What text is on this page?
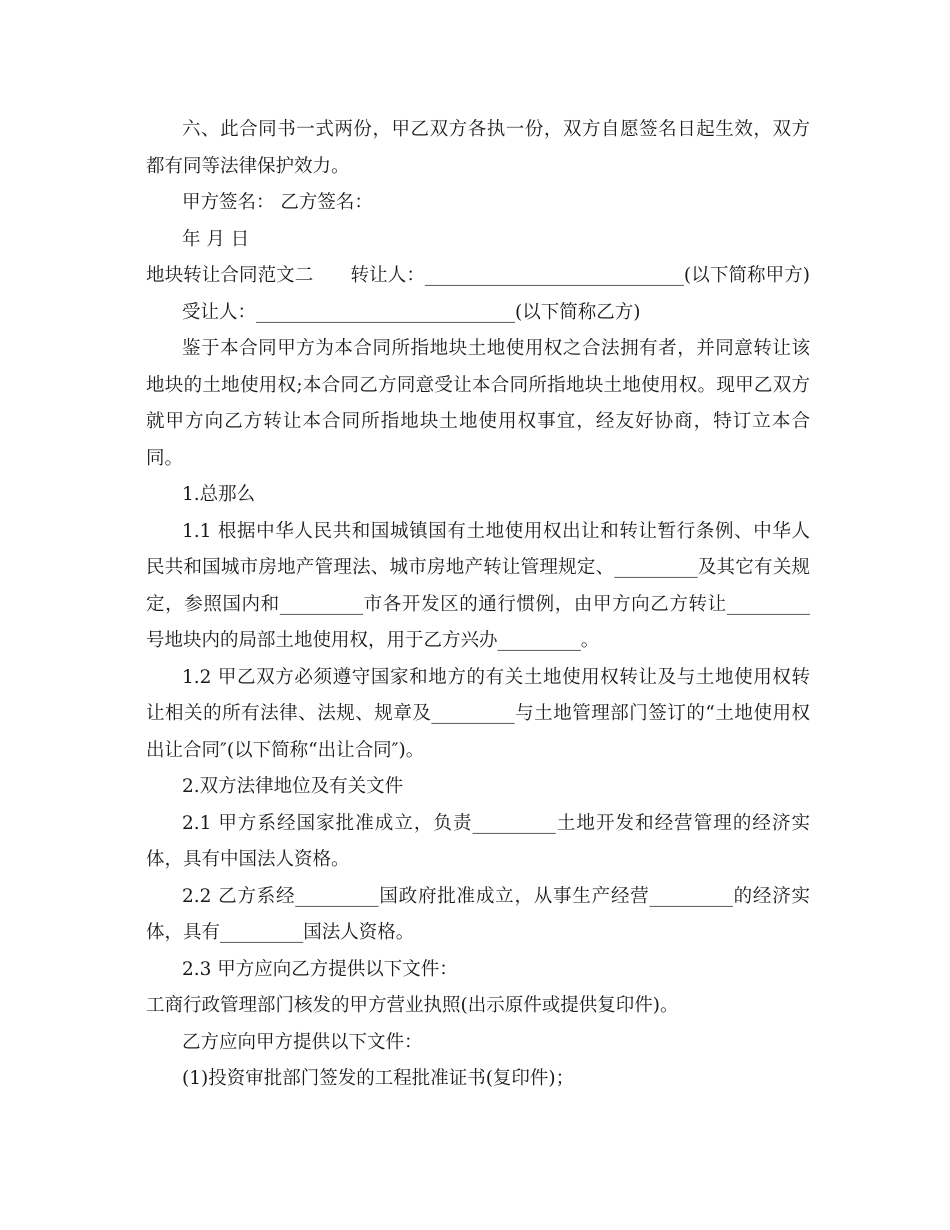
六、此合同书一式两份，甲乙双方各执一份，双方自愿签名日起生效，双方

都有同等法律保护效力。

甲方签名： 乙方签名：

年 月 日

地块转让合同范文二　　转让人：____________________________(以下简称甲方)

受让人：____________________________(以下简称乙方)

鉴于本合同甲方为本合同所指地块土地使用权之合法拥有者，并同意转让该

地块的土地使用权;本合同乙方同意受让本合同所指地块土地使用权。现甲乙双方

就甲方向乙方转让本合同所指地块土地使用权事宜，经友好协商，特订立本合

同。

1.总那么

1.1 根据中华人民共和国城镇国有土地使用权出让和转让暂行条例、中华人

民共和国城市房地产管理法、城市房地产转让管理规定、_________及其它有关规

定，参照国内和_________市各开发区的通行惯例，由甲方向乙方转让_________

号地块内的局部土地使用权，用于乙方兴办_________。

1.2 甲乙双方必须遵守国家和地方的有关土地使用权转让及与土地使用权转

让相关的所有法律、法规、规章及_________与土地管理部门签订的“土地使用权

出让合同″(以下简称“出让合同″)。

2.双方法律地位及有关文件

2.1 甲方系经国家批准成立，负责_________土地开发和经营管理的经济实

体，具有中国法人资格。

2.2 乙方系经_________国政府批准成立，从事生产经营_________的经济实

体，具有_________国法人资格。

2.3 甲方应向乙方提供以下文件：

工商行政管理部门核发的甲方营业执照(出示原件或提供复印件)。

乙方应向甲方提供以下文件：

(1)投资审批部门签发的工程批准证书(复印件)；
